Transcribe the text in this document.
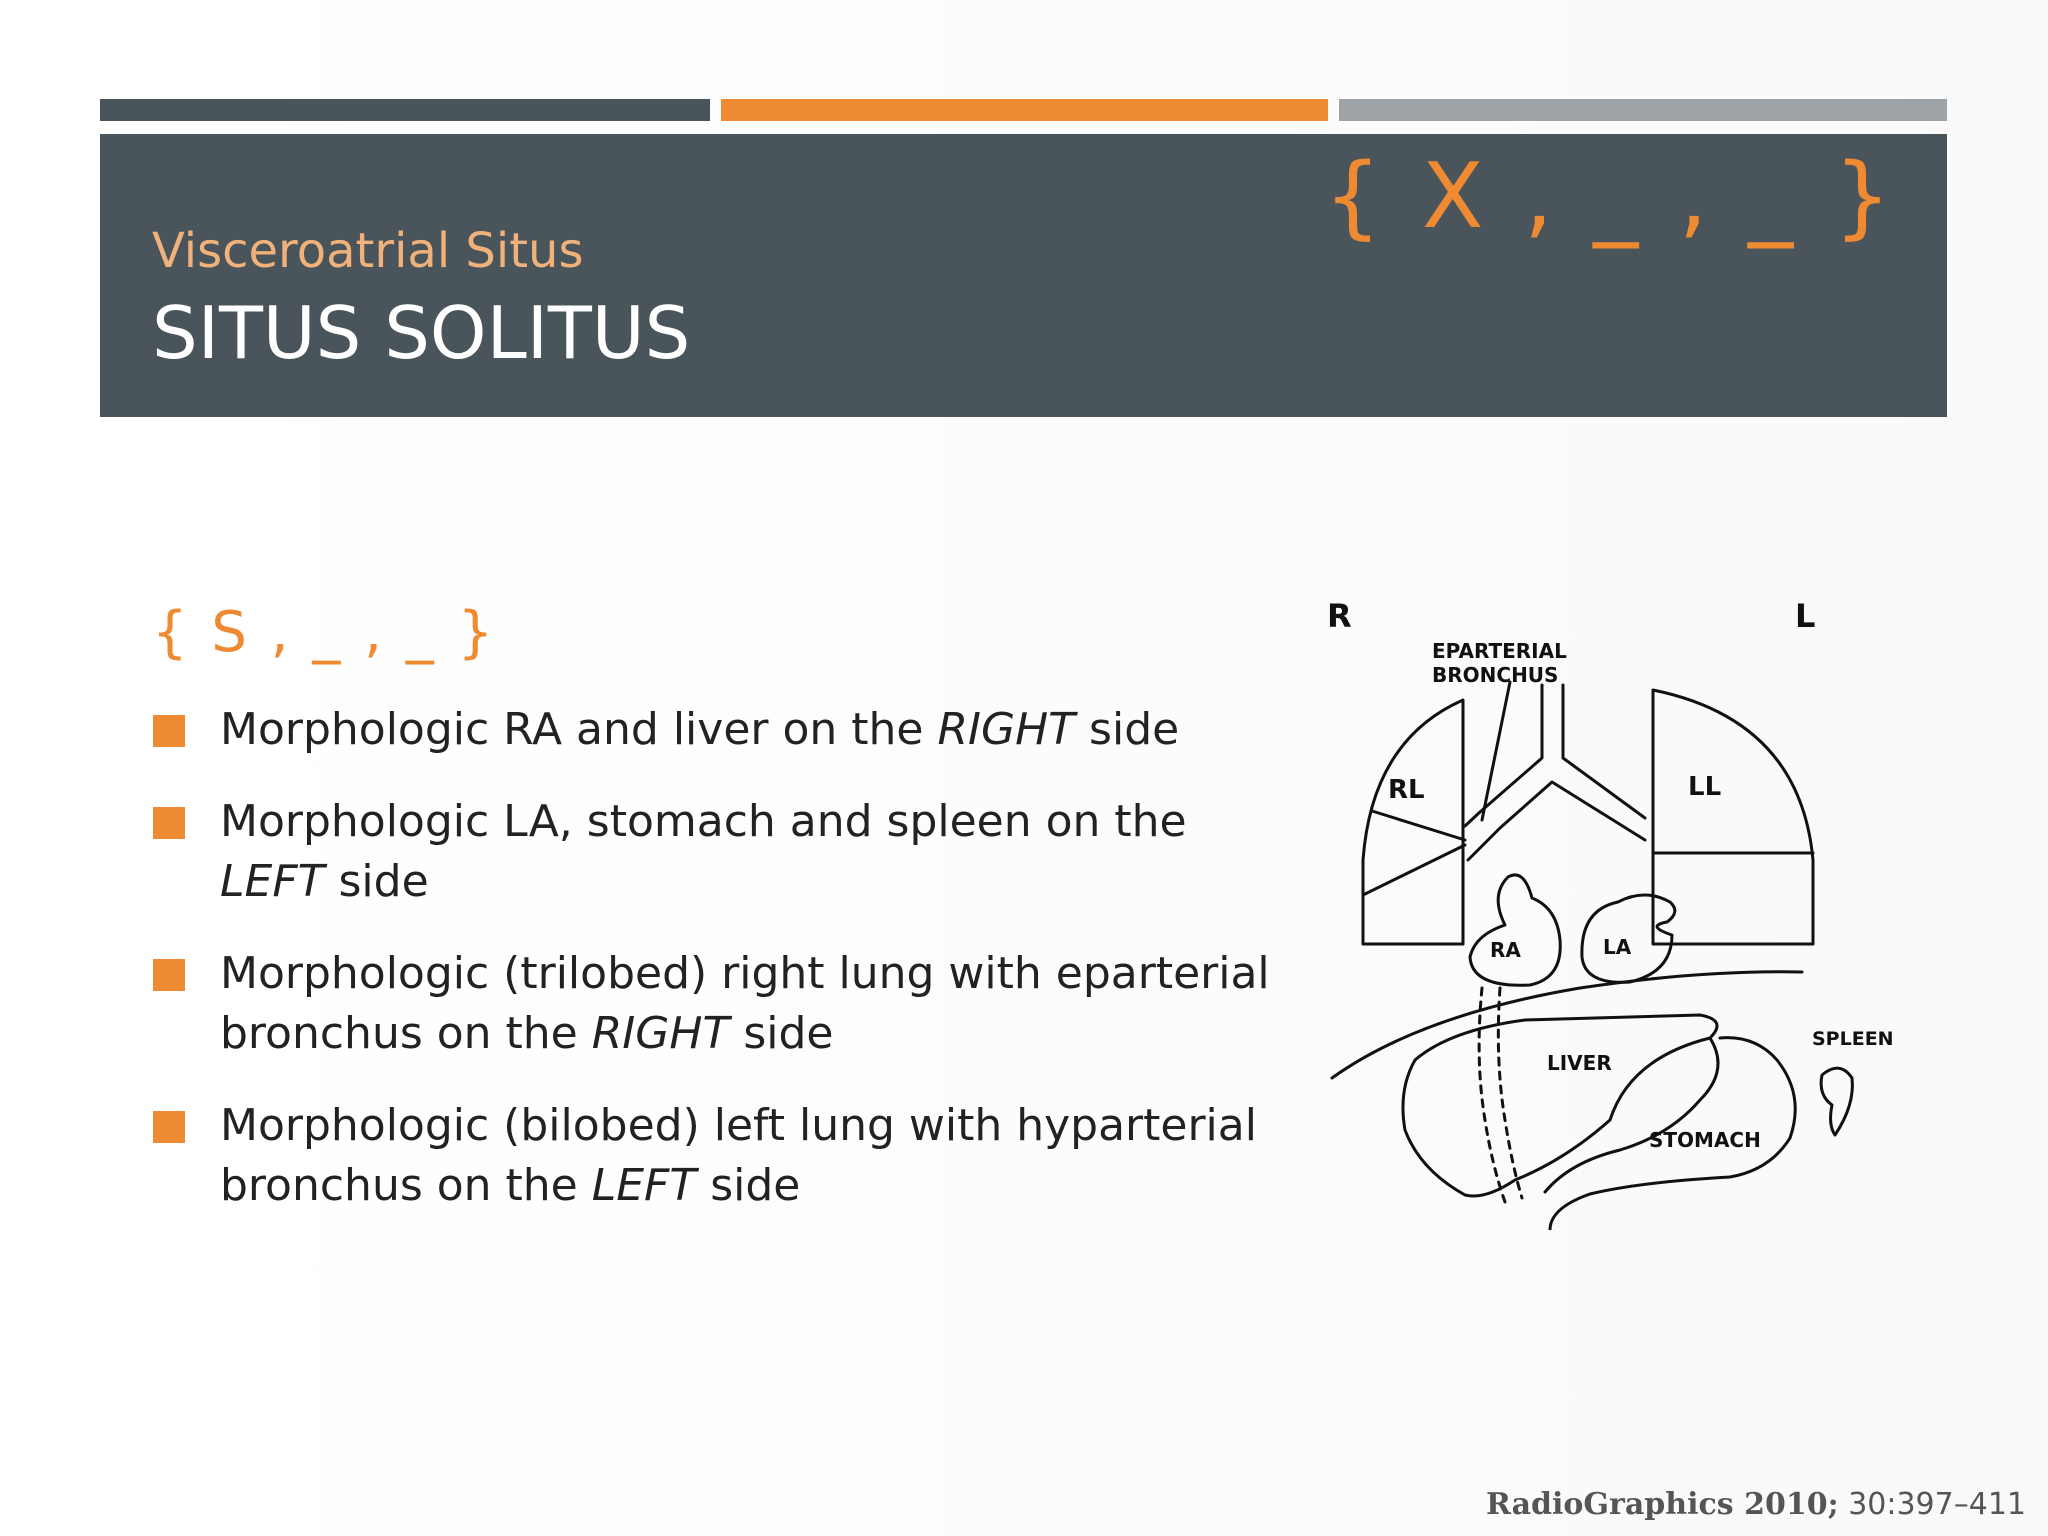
Visceroatrial Situs
SITUS SOLITUS
{ X , _ , _ }
{ S , _ , _ }
Morphologic RA and liver on the RIGHT side
Morphologic LA, stomach and spleen on the LEFT side
Morphologic (trilobed) right lung with eparterial bronchus on the RIGHT side
Morphologic (bilobed) left lung with hyparterial bronchus on the LEFT side
R	L
EPARTERIAL
BRONCHUS
RL	LL
RA	LA
LIVER
SPLEEN
STOMACH
RadioGraphics 2010; 30:397–411
